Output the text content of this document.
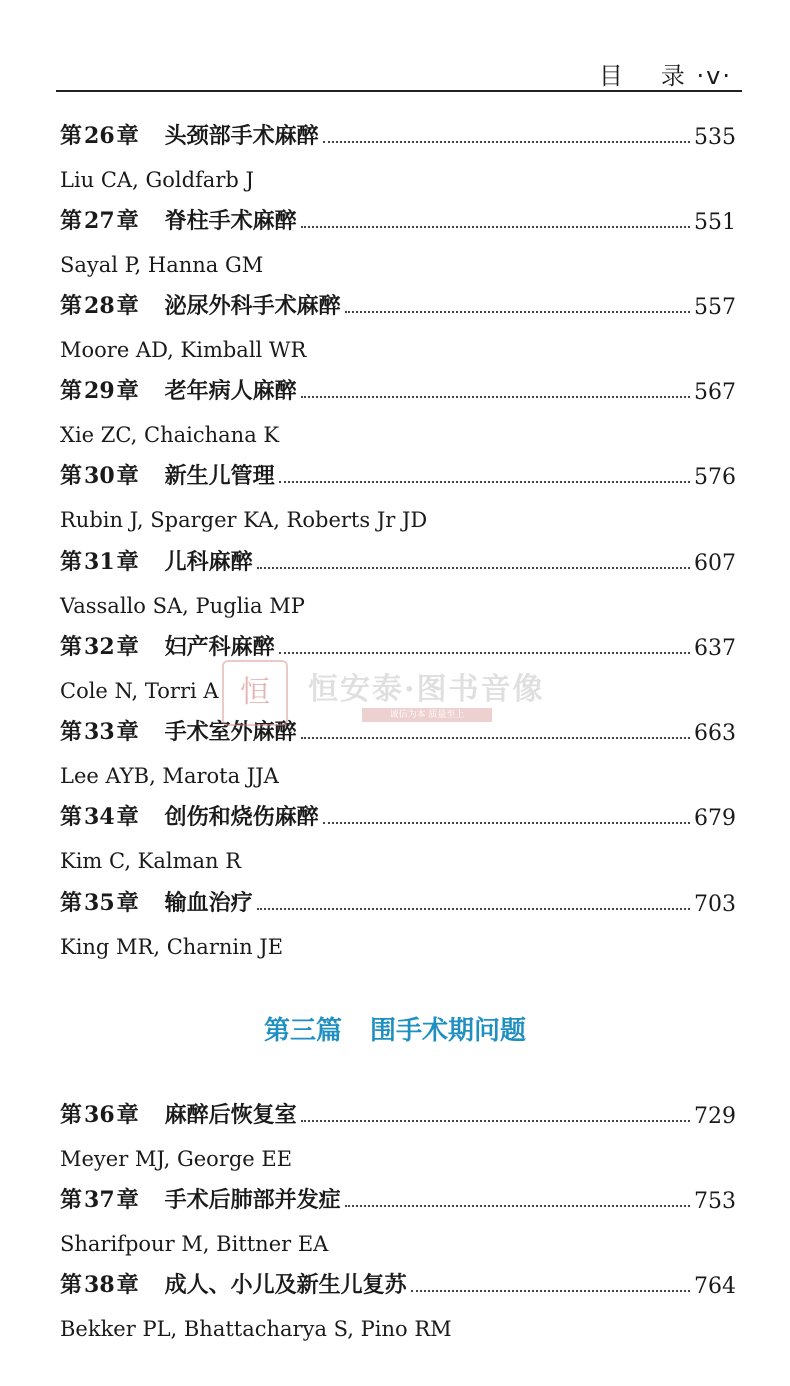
目 录 ·v·
第26章 头颈部手术麻醉	535
Liu CA, Goldfarb J
第27章 脊柱手术麻醉	551
Sayal P, Hanna GM
第28章 泌尿外科手术麻醉	557
Moore AD, Kimball WR
第29章 老年病人麻醉	567
Xie ZC, Chaichana K
第30章 新生儿管理	576
Rubin J, Sparger KA, Roberts Jr JD
第31章 儿科麻醉	607
Vassallo SA, Puglia MP
第32章 妇产科麻醉	637
Cole N, Torri A
第33章 手术室外麻醉	663
Lee AYB, Marota JJA
第34章 创伤和烧伤麻醉	679
Kim C, Kalman R
第35章 输血治疗	703
King MR, Charnin JE
第36章 麻醉后恢复室	729
Meyer MJ, George EE
第37章 手术后肺部并发症	753
Sharifpour M, Bittner EA
第38章 成人、小儿及新生儿复苏	764
Bekker PL, Bhattacharya S, Pino RM
第三篇 围手术期问题
恒	恒安泰·图书音像
诚信为本 质量至上
